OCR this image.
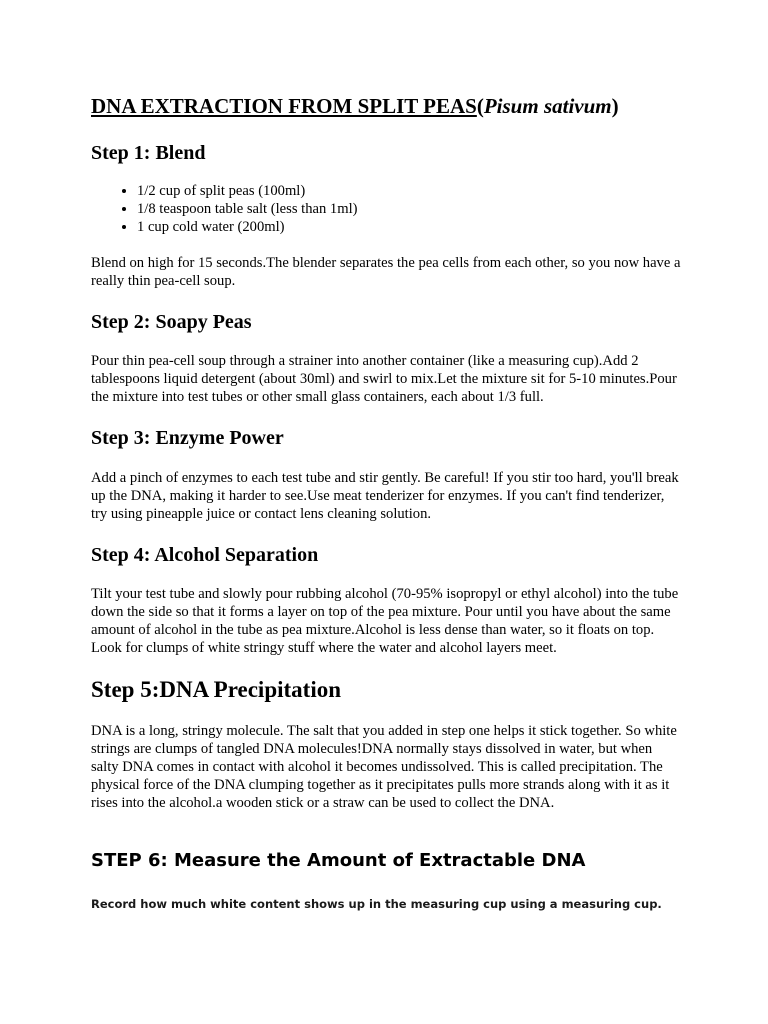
DNA EXTRACTION FROM SPLIT PEAS(Pisum sativum)
Step 1: Blend
• 1/2 cup of split peas (100ml)
• 1/8 teaspoon table salt (less than 1ml)
• 1 cup cold water (200ml)

Blend on high for 15 seconds.The blender separates the pea cells from each other, so you now have a really thin pea-cell soup.

Step 2: Soapy Peas

Pour thin pea-cell soup through a strainer into another container (like a measuring cup).Add 2 tablespoons liquid detergent (about 30ml) and swirl to mix.Let the mixture sit for 5-10 minutes.Pour the mixture into test tubes or other small glass containers, each about 1/3 full.

Step 3: Enzyme Power

Add a pinch of enzymes to each test tube and stir gently. Be careful! If you stir too hard, you'll break up the DNA, making it harder to see.Use meat tenderizer for enzymes. If you can't find tenderizer, try using pineapple juice or contact lens cleaning solution.

Step 4: Alcohol Separation

Tilt your test tube and slowly pour rubbing alcohol (70-95% isopropyl or ethyl alcohol) into the tube down the side so that it forms a layer on top of the pea mixture. Pour until you have about the same amount of alcohol in the tube as pea mixture.Alcohol is less dense than water, so it floats on top. Look for clumps of white stringy stuff where the water and alcohol layers meet.

Step 5:DNA Precipitation

DNA is a long, stringy molecule. The salt that you added in step one helps it stick together. So white strings are clumps of tangled DNA molecules!DNA normally stays dissolved in water, but when salty DNA comes in contact with alcohol it becomes undissolved. This is called precipitation. The physical force of the DNA clumping together as it precipitates pulls more strands along with it as it rises into the alcohol.a wooden stick or a straw can be used to collect the DNA.

STEP 6: Measure the Amount of Extractable DNA

Record how much white content shows up in the measuring cup using a measuring cup.
